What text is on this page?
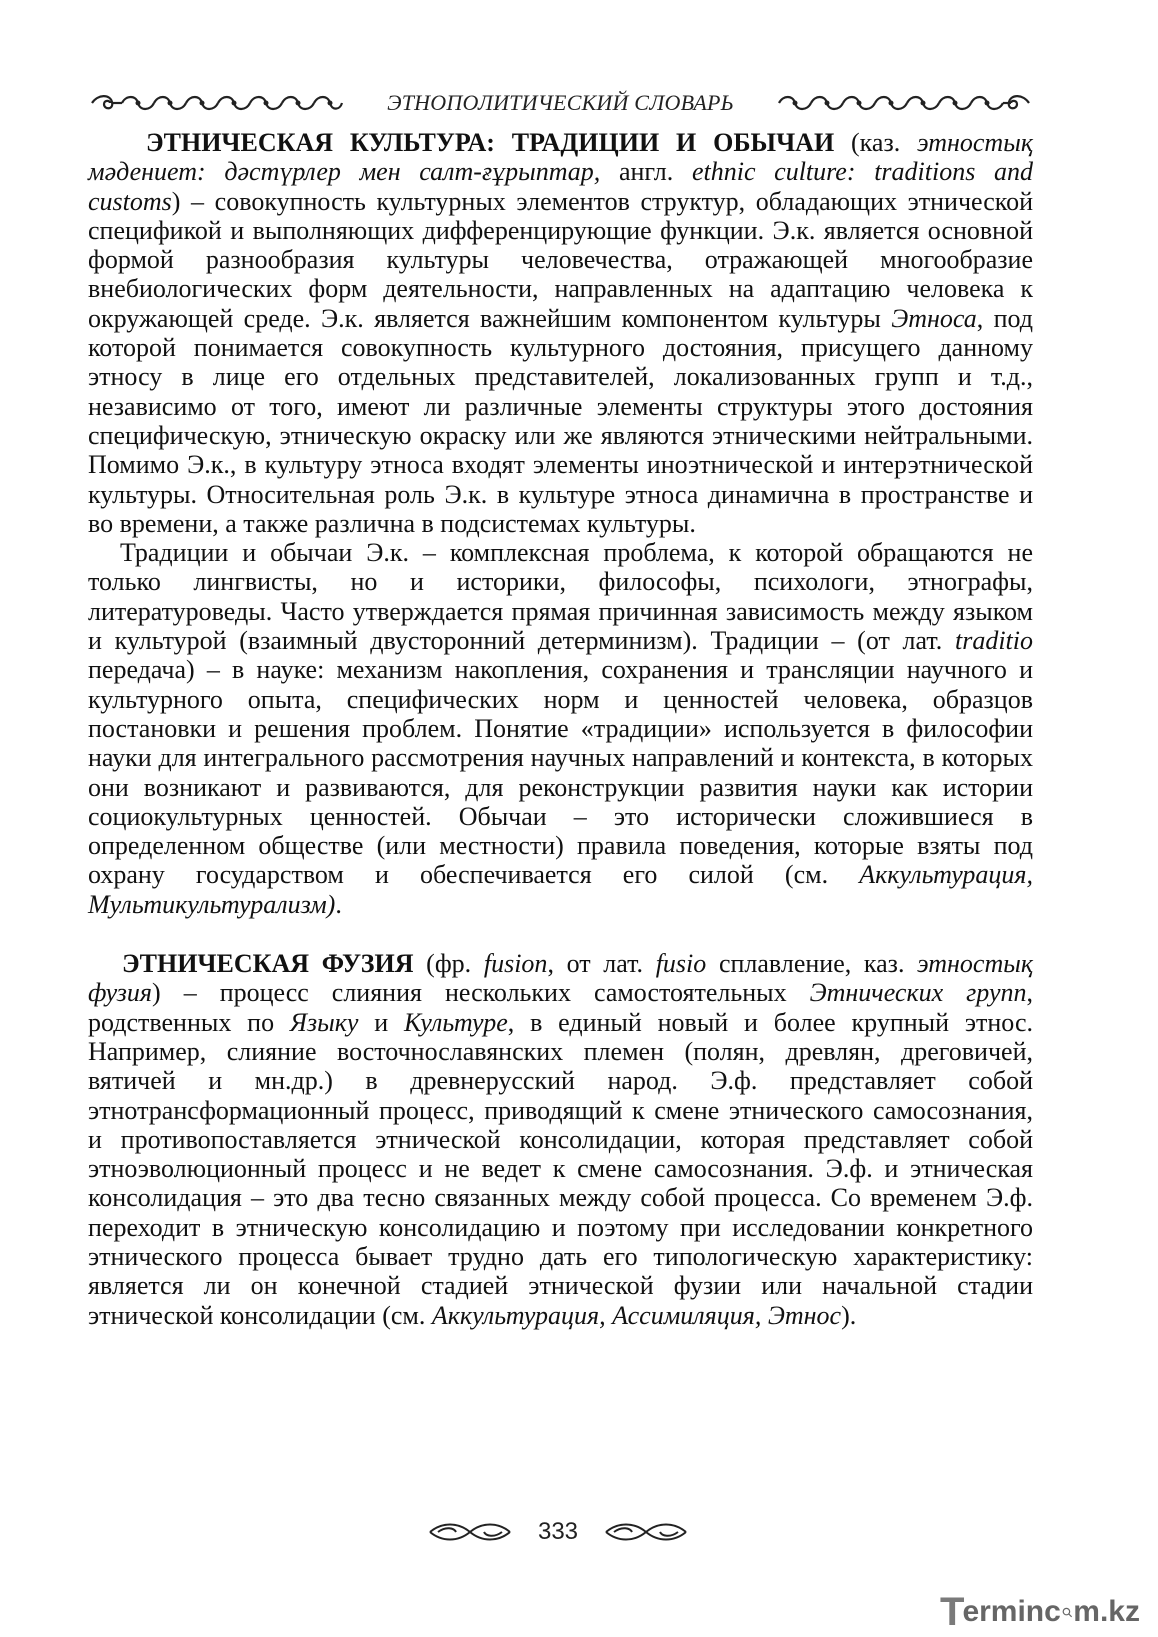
ЭТНОПОЛИТИЧЕСКИЙ СЛОВАРЬ

ЭТНИЧЕСКАЯ КУЛЬТУРА: ТРАДИЦИИ И ОБЫЧАИ (каз. этностық мәдениет: дәстүрлер мен салт-ғұрыптар, англ. ethnic culture: traditions and customs) – совокупность культурных элементов структур, обладающих этнической спецификой и выполняющих дифференцирующие функции. Э.к. является основной формой разнообразия культуры человечества, отражающей многообразие внебиологических форм деятельности, направленных на адаптацию человека к окружающей среде. Э.к. является важнейшим компонентом культуры Этноса, под которой понимается совокупность культурного достояния, присущего данному этносу в лице его отдельных представителей, локализованных групп и т.д., независимо от того, имеют ли различные элементы структуры этого достояния специфическую, этническую окраску или же являются этническими нейтральными. Помимо Э.к., в культуру этноса входят элементы иноэтнической и интерэтнической культуры. Относительная роль Э.к. в культуре этноса динамична в пространстве и во времени, а также различна в подсистемах культуры.

Традиции и обычаи Э.к. – комплексная проблема, к которой обращаются не только лингвисты, но и историки, философы, психологи, этнографы, литературоведы. Часто утверждается прямая причинная зависимость между языком и культурой (взаимный двусторонний детерминизм). Традиции – (от лат. traditio передача) – в науке: механизм накопления, сохранения и трансляции научного и культурного опыта, специфических норм и ценностей человека, образцов постановки и решения проблем. Понятие «традиции» используется в философии науки для интегрального рассмотрения научных направлений и контекста, в которых они возникают и развиваются, для реконструкции развития науки как истории социокультурных ценностей. Обычаи – это исторически сложившиеся в определенном обществе (или местности) правила поведения, которые взяты под охрану государством и обеспечивается его силой (см. Аккультурация, Мультикультурализм).

ЭТНИЧЕСКАЯ ФУЗИЯ (фр. fusion, от лат. fusio сплавление, каз. этностық фузия) – процесс слияния нескольких самостоятельных Этнических групп, родственных по Языку и Культуре, в единый новый и более крупный этнос. Например, слияние восточнославянских племен (полян, древлян, дреговичей, вятичей и мн.др.) в древнерусский народ. Э.ф. представляет собой этнотрансформационный процесс, приводящий к смене этнического самосознания, и противопоставляется этнической консолидации, которая представляет собой этноэволюционный процесс и не ведет к смене самосознания. Э.ф. и этническая консолидация – это два тесно связанных между собой процесса. Со временем Э.ф. переходит в этническую консолидацию и поэтому при исследовании конкретного этнического процесса бывает трудно дать его типологическую характеристику: является ли он конечной стадией этнической фузии или начальной стадии этнической консолидации (см. Аккультурация, Ассимиляция, Этнос).

333
T
erminc m.kz
